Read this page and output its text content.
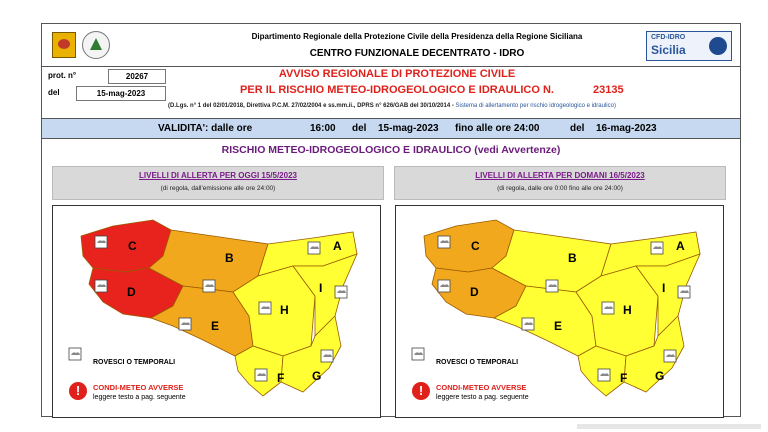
Dipartimento Regionale della Protezione Civile della Presidenza della Regione Siciliana
CENTRO FUNZIONALE DECENTRATO - IDRO
CFD-IDRO
Sicilia
prot. n°	20267
del	15-mag-2023
AVVISO REGIONALE DI PROTEZIONE CIVILE
PER IL RISCHIO METEO-IDROGEOLOGICO E IDRAULICO N.	23135
(D.Lgs. n° 1 del 02/01/2018, Direttiva P.C.M. 27/02/2004 e ss.mm.ii., DPRS n° 626/GAB del 30/10/2014 - Sistema di allertamento per rischio idrogeologico e idraulico)
VALIDITA': dalle ore	16:00 del 15-mag-2023 fino alle ore 24:00	del 16-mag-2023
RISCHIO METEO-IDROGEOLOGICO E IDRAULICO (vedi Avvertenze)
LIVELLI DI ALLERTA PER OGGI 15/5/2023
(di regola, dall'emissione alle ore 24:00)
C
D
B
E
A
H
I
F G
ROVESCI O TEMPORALI
!	CONDI-METEO AVVERSE
leggere testo a pag. seguente
LIVELLI DI ALLERTA PER DOMANI 16/5/2023
(di regola, dalle ore 0:00 fino alle ore 24:00)
C
D
B
E
A
H
I
F G
ROVESCI O TEMPORALI
!	CONDI-METEO AVVERSE
leggere testo a pag. seguente
